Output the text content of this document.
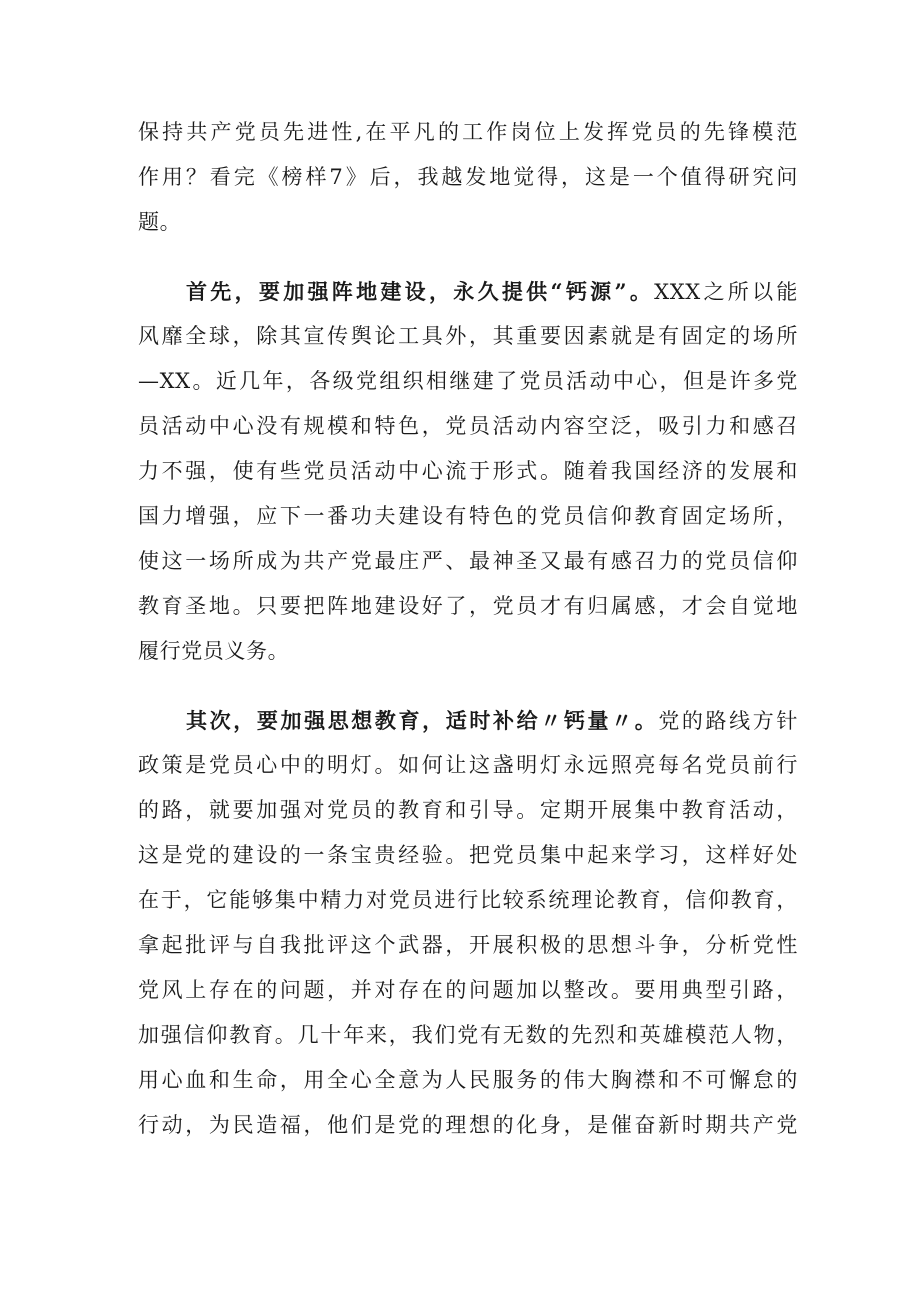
保持共产党员先进性,在平凡的工作岗位上发挥党员的先锋模范
作用？看完《榜样7》后，我越发地觉得，这是一个值得研究问
题。
首先，要加强阵地建设，永久提供“钙源”。XXX之所以能
风靡全球，除其宣传舆论工具外，其重要因素就是有固定的场所
—XX。近几年，各级党组织相继建了党员活动中心，但是许多党
员活动中心没有规模和特色，党员活动内容空泛，吸引力和感召
力不强，使有些党员活动中心流于形式。随着我国经济的发展和
国力增强，应下一番功夫建设有特色的党员信仰教育固定场所，
使这一场所成为共产党最庄严、最神圣又最有感召力的党员信仰
教育圣地。只要把阵地建设好了，党员才有归属感，才会自觉地
履行党员义务。
其次，要加强思想教育，适时补给〃钙量〃。党的路线方针
政策是党员心中的明灯。如何让这盏明灯永远照亮每名党员前行
的路，就要加强对党员的教育和引导。定期开展集中教育活动，
这是党的建设的一条宝贵经验。把党员集中起来学习，这样好处
在于，它能够集中精力对党员进行比较系统理论教育，信仰教育，
拿起批评与自我批评这个武器，开展积极的思想斗争，分析党性
党风上存在的问题，并对存在的问题加以整改。要用典型引路，
加强信仰教育。几十年来，我们党有无数的先烈和英雄模范人物，
用心血和生命，用全心全意为人民服务的伟大胸襟和不可懈怠的
行动，为民造福，他们是党的理想的化身，是催奋新时期共产党
